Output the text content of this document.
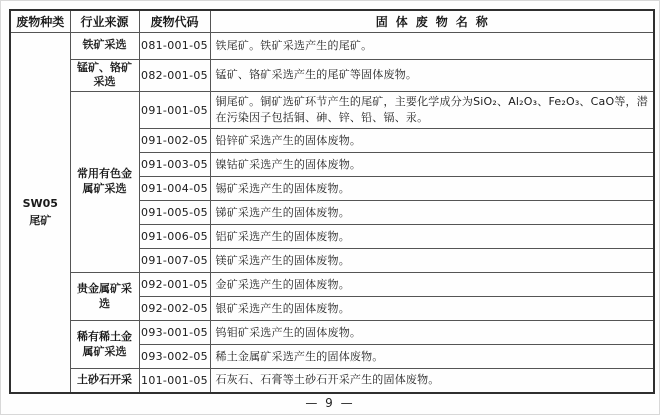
废物种类	行业来源	废物代码	固体废物名称

SW05
尾矿	铁矿采选	081-001-05	铁尾矿。铁矿采选产生的尾矿。
	锰矿、铬矿采选	082-001-05	锰矿、铬矿采选产生的尾矿等固体废物。
	常用有色金属矿采选	091-001-05	铜尾矿。铜矿选矿环节产生的尾矿，主要化学成分为SiO₂、Al₂O₃、Fe₂O₃、CaO等，潜在污染因子包括铜、砷、锌、铅、镉、汞。
		091-002-05	铅锌矿采选产生的固体废物。
		091-003-05	镍钴矿采选产生的固体废物。
		091-004-05	锡矿采选产生的固体废物。
		091-005-05	锑矿采选产生的固体废物。
		091-006-05	铝矿采选产生的固体废物。
		091-007-05	镁矿采选产生的固体废物。
	贵金属矿采选	092-001-05	金矿采选产生的固体废物。
		092-002-05	银矿采选产生的固体废物。
	稀有稀土金属矿采选	093-001-05	钨钼矿采选产生的固体废物。
		093-002-05	稀土金属矿采选产生的固体废物。
	土砂石开采	101-001-05	石灰石、石膏等土砂石开采产生的固体废物。
— 9 —
